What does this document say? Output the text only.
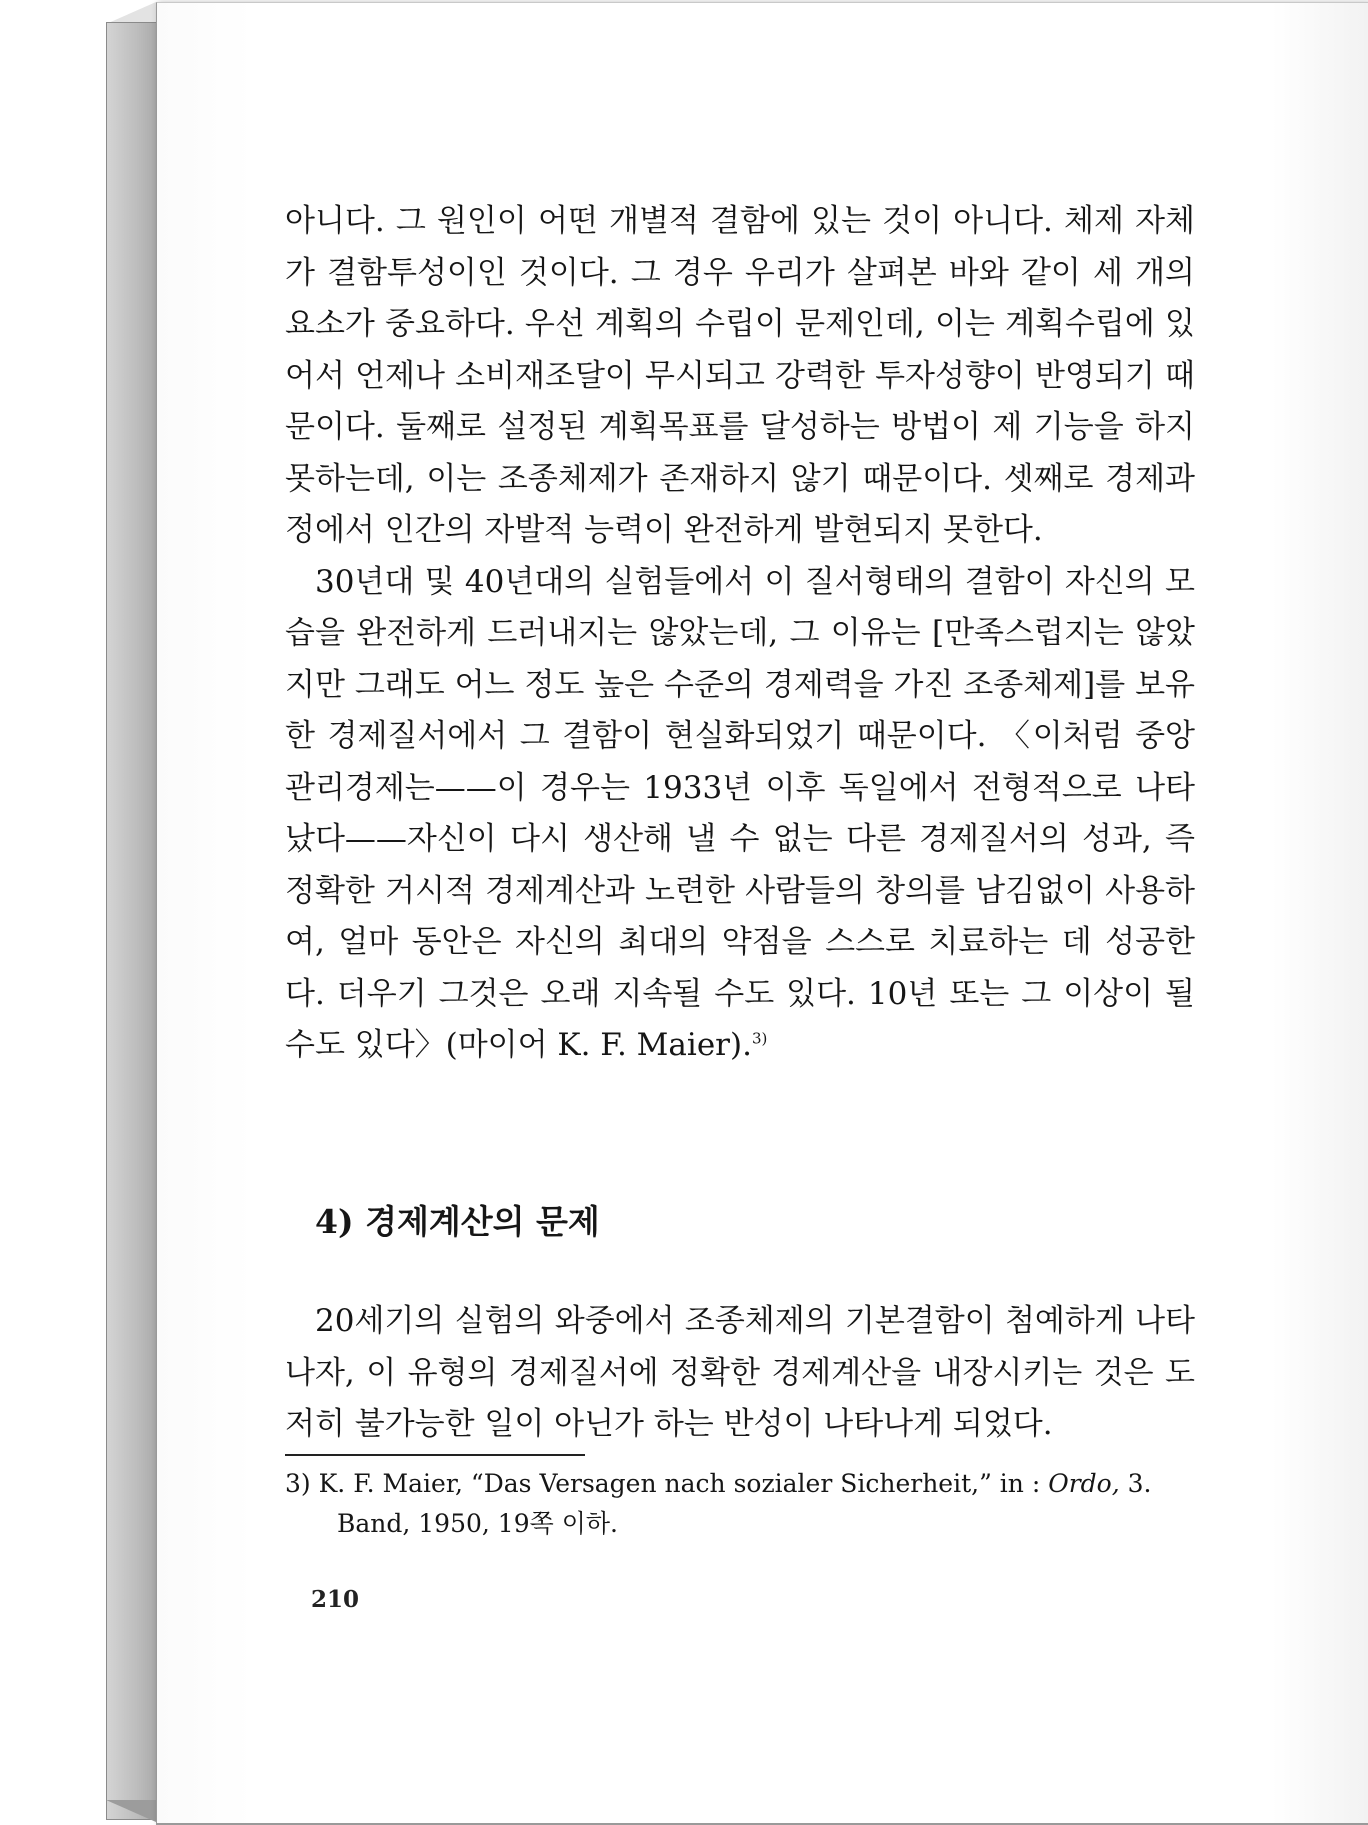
아니다. 그 원인이 어떤 개별적 결함에 있는 것이 아니다. 체제 자체가 결함투성이인 것이다. 그 경우 우리가 살펴본 바와 같이 세 개의 요소가 중요하다. 우선 계획의 수립이 문제인데, 이는 계획수립에 있어서 언제나 소비재조달이 무시되고 강력한 투자성향이 반영되기 때문이다. 둘째로 설정된 계획목표를 달성하는 방법이 제 기능을 하지 못하는데, 이는 조종체제가 존재하지 않기 때문이다. 셋째로 경제과정에서 인간의 자발적 능력이 완전하게 발현되지 못한다.

30년대 및 40년대의 실험들에서 이 질서형태의 결함이 자신의 모습을 완전하게 드러내지는 않았는데, 그 이유는 [만족스럽지는 않았지만 그래도 어느 정도 높은 수준의 경제력을 가진 조종체제]를 보유한 경제질서에서 그 결함이 현실화되었기 때문이다. 〈이처럼 중앙관리경제는——이 경우는 1933년 이후 독일에서 전형적으로 나타났다——자신이 다시 생산해 낼 수 없는 다른 경제질서의 성과, 즉 정확한 거시적 경제계산과 노련한 사람들의 창의를 남김없이 사용하여, 얼마 동안은 자신의 최대의 약점을 스스로 치료하는 데 성공한다. 더우기 그것은 오래 지속될 수도 있다. 10년 또는 그 이상이 될 수도 있다〉(마이어 K. F. Maier).$^{3)}$

4) 경제계산의 문제

20세기의 실험의 와중에서 조종체제의 기본결함이 첨예하게 나타나자, 이 유형의 경제질서에 정확한 경제계산을 내장시키는 것은 도저히 불가능한 일이 아닌가 하는 반성이 나타나게 되었다.

3) K. F. Maier, “Das Versagen nach sozialer Sicherheit,” in : Ordo, 3.
Band, 1950, 19쪽 이하.
210
